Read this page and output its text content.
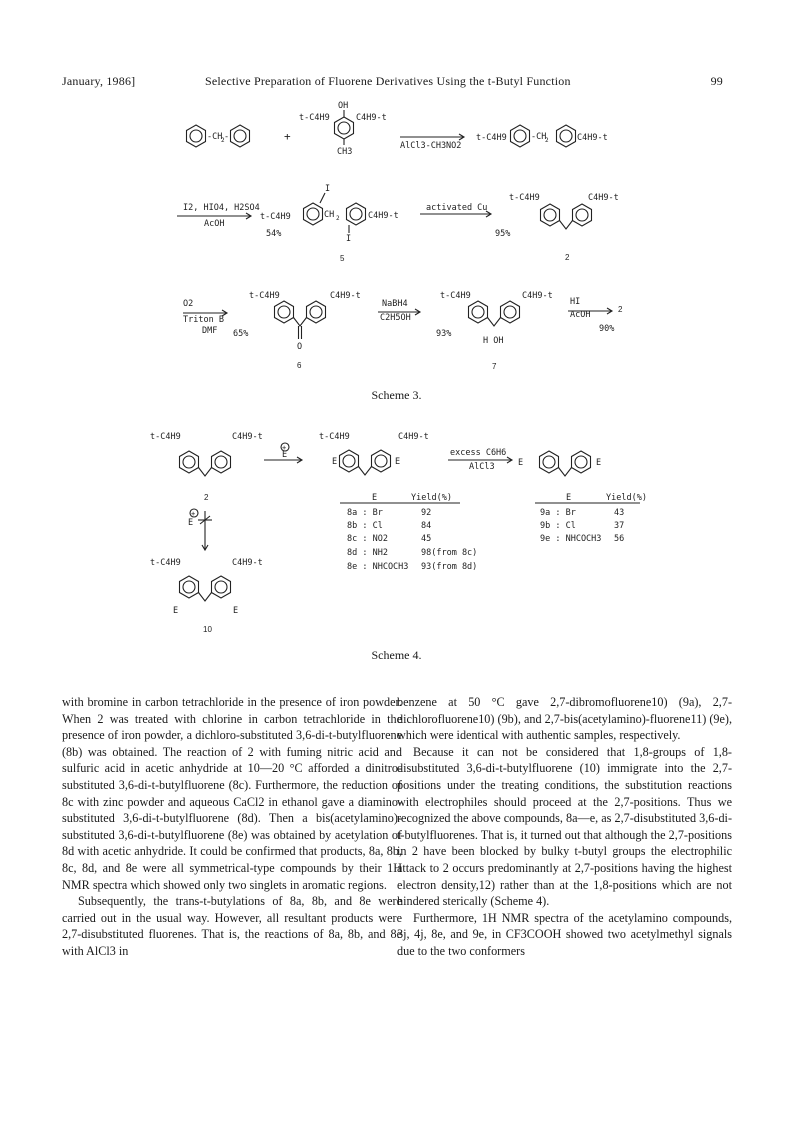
January, 1986]	Selective Preparation of Fluorene Derivatives Using the t-Butyl Function	99
-CH
2 -	+
OH
t-C4H9	C4H9-t
CH3
AlCl3-CH3NO2
t-C4H9	-CH
2	C4H9-t
I2, HIO4, H2SO4
AcOH
t-C4H9	CH 2	C4H9-t
I
I
54%
5
activated Cu
95%
t-C4H9	C4H9-t
2
O2
Triton B
DMF 65%
t-C4H9	C4H9-t
O
6
NaBH4
C2H5OH
93%
t-C4H9	C4H9-t
H OH
7
HI
AcOH
2
90%
t-C4H9	C4H9-t
2
+
E
t-C4H9	C4H9-t
E	E
excess C6H6
AlCl3	E	E
+
E
t-C4H9	C4H9-t
E	E
10
E	Yield(%)
8a : Br	92
8b : Cl	84
8c : NO2	45
8d : NH2	98(from 8c)
8e : NHCOCH3 93(from 8d)
E	Yield(%)
9a : Br	43
9b : Cl	37
9e : NHCOCH3 56
Scheme 3.
Scheme 4.

with bromine in carbon tetrachloride in the presence of iron powder. When 2 was treated with chlorine in carbon tetrachloride in the presence of iron powder, a dichloro-substituted 3,6-di-t-butylfluorene (8b) was obtained. The reaction of 2 with fuming nitric acid and sulfuric acid in acetic anhydride at 10—20 °C afforded a dinitro-substituted 3,6-di-t-butylfluorene (8c). Furthermore, the reduction of 8c with zinc powder and aqueous CaCl2 in ethanol gave a diamino-substituted 3,6-di-t-butylfluorene (8d). Then a bis(acetylamino)-substituted 3,6-di-t-butylfluorene (8e) was obtained by acetylation of 8d with acetic anhydride. It could be confirmed that products, 8a, 8b, 8c, 8d, and 8e were all symmetrical-type compounds by their 1H NMR spectra which showed only two singlets in aromatic regions.

Subsequently, the trans-t-butylations of 8a, 8b, and 8e were carried out in the usual way. However, all resultant products were 2,7-disubstituted fluorenes. That is, the reactions of 8a, 8b, and 8e with AlCl3 in

benzene at 50 °C gave 2,7-dibromofluorene10) (9a), 2,7-dichlorofluorene10) (9b), and 2,7-bis(acetylamino)-fluorene11) (9e), which were identical with authentic samples, respectively.

Because it can not be considered that 1,8-groups of 1,8-disubstituted 3,6-di-t-butylfluorene (10) immigrate into the 2,7-positions under the treating conditions, the substitution reactions with electrophiles should proceed at the 2,7-positions. Thus we recognized the above compounds, 8a—e, as 2,7-disubstituted 3,6-di-t-butylfluorenes. That is, it turned out that although the 2,7-positions in 2 have been blocked by bulky t-butyl groups the electrophilic attack to 2 occurs predominantly at 2,7-positions having the highest electron density,12) rather than at the 1,8-positions which are not hindered sterically (Scheme 4).

Furthermore, 1H NMR spectra of the acetylamino compounds, 3j, 4j, 8e, and 9e, in CF3COOH showed two acetylmethyl signals due to the two conformers
